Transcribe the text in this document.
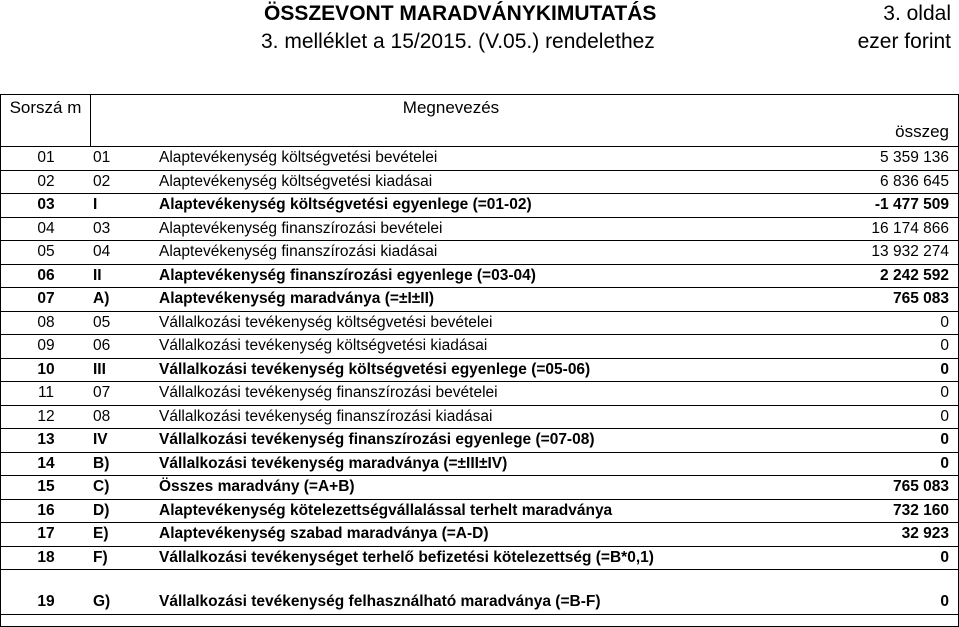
ÖSSZEVONT MARADVÁNYKIMUTATÁS
3. melléklet a 15/2015. (V.05.) rendelethez
3. oldal
ezer forint
Sorszá m	Megnevezés
összeg
01	01	Alaptevékenység költségvetési bevételei	5 359 136
02	02	Alaptevékenység költségvetési kiadásai	6 836 645
03	I	Alaptevékenység költségvetési egyenlege (=01-02)	-1 477 509
04	03	Alaptevékenység finanszírozási bevételei	16 174 866
05	04	Alaptevékenység finanszírozási kiadásai	13 932 274
06	II	Alaptevékenység finanszírozási egyenlege (=03-04)	2 242 592
07	A)	Alaptevékenység maradványa (=±I±II)	765 083
08	05	Vállalkozási tevékenység költségvetési bevételei	0
09	06	Vállalkozási tevékenység költségvetési kiadásai	0
10	III	Vállalkozási tevékenység költségvetési egyenlege (=05-06)	0
11	07	Vállalkozási tevékenység finanszírozási bevételei	0
12	08	Vállalkozási tevékenység finanszírozási kiadásai	0
13	IV	Vállalkozási tevékenység finanszírozási egyenlege (=07-08)	0
14	B)	Vállalkozási tevékenység maradványa (=±III±IV)	0
15	C)	Összes maradvány (=A+B)	765 083
16	D)	Alaptevékenység kötelezettségvállalással terhelt maradványa	732 160
17	E)	Alaptevékenység szabad maradványa (=A-D)	32 923
18	F)	Vállalkozási tevékenységet terhelő befizetési kötelezettség (=B*0,1)	0
19	G)	Vállalkozási tevékenység felhasználható maradványa (=B-F)	0
